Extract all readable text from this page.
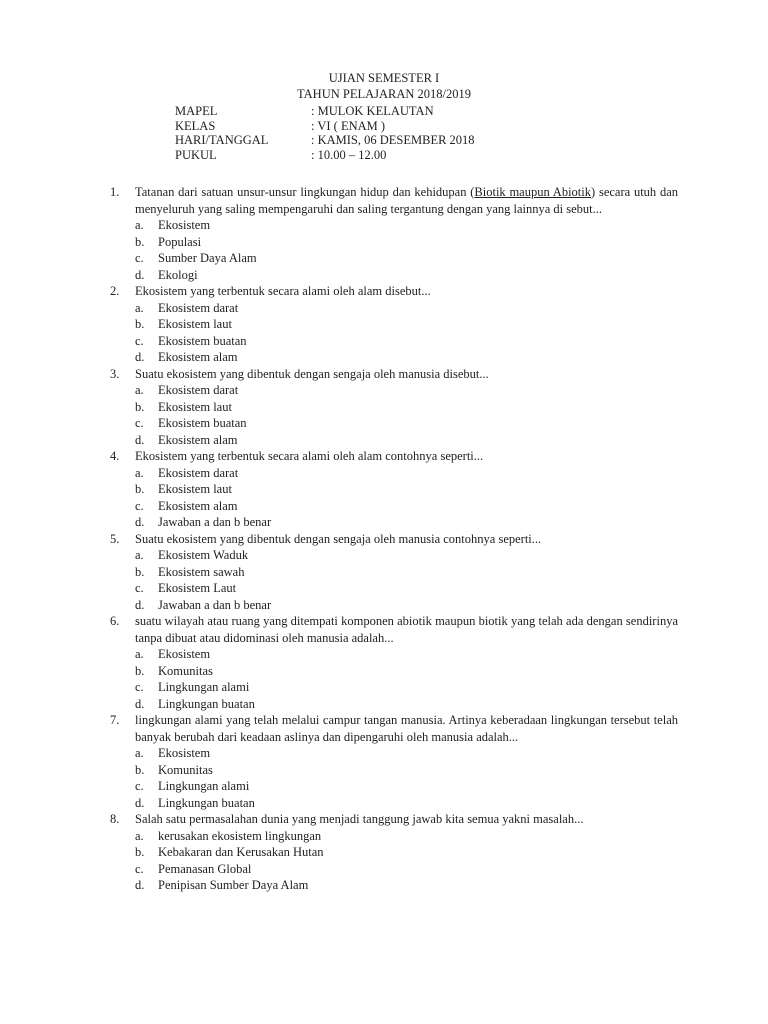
UJIAN SEMESTER I
TAHUN PELAJARAN 2018/2019
MAPEL	: MULOK KELAUTAN
KELAS	: VI ( ENAM )
HARI/TANGGAL	: KAMIS, 06 DESEMBER 2018
PUKUL	: 10.00 – 12.00
1.	Tatanan dari satuan unsur-unsur lingkungan hidup dan kehidupan (Biotik maupun Abiotik) secara utuh dan menyeluruh yang saling mempengaruhi dan saling tergantung dengan yang lainnya di sebut...
a.	Ekosistem
b.	Populasi
c.	Sumber Daya Alam
d.	Ekologi
2.	Ekosistem yang terbentuk secara alami oleh alam disebut...
a.	Ekosistem darat
b.	Ekosistem laut
c.	Ekosistem buatan
d.	Ekosistem alam
3.	Suatu ekosistem yang dibentuk dengan sengaja oleh manusia disebut...
a.	Ekosistem darat
b.	Ekosistem laut
c.	Ekosistem buatan
d.	Ekosistem alam
4.	Ekosistem yang terbentuk secara alami oleh alam contohnya seperti...
a.	Ekosistem darat
b.	Ekosistem laut
c.	Ekosistem alam
d.	Jawaban a dan b benar
5.	Suatu ekosistem yang dibentuk dengan sengaja oleh manusia contohnya seperti...
a.	Ekosistem Waduk
b.	Ekosistem sawah
c.	Ekosistem Laut
d.	Jawaban a dan b benar
6.	suatu wilayah atau ruang yang ditempati komponen abiotik maupun biotik yang telah ada dengan sendirinya tanpa dibuat atau didominasi oleh manusia adalah...
a.	Ekosistem
b.	Komunitas
c.	Lingkungan alami
d.	Lingkungan buatan
7.	lingkungan alami yang telah melalui campur tangan manusia. Artinya keberadaan lingkungan tersebut telah banyak berubah dari keadaan aslinya dan dipengaruhi oleh manusia adalah...
a.	Ekosistem
b.	Komunitas
c.	Lingkungan alami
d.	Lingkungan buatan
8.	Salah satu permasalahan dunia yang menjadi tanggung jawab kita semua yakni masalah...
a.	kerusakan ekosistem lingkungan
b.	Kebakaran dan Kerusakan Hutan
c.	Pemanasan Global
d.	Penipisan Sumber Daya Alam
